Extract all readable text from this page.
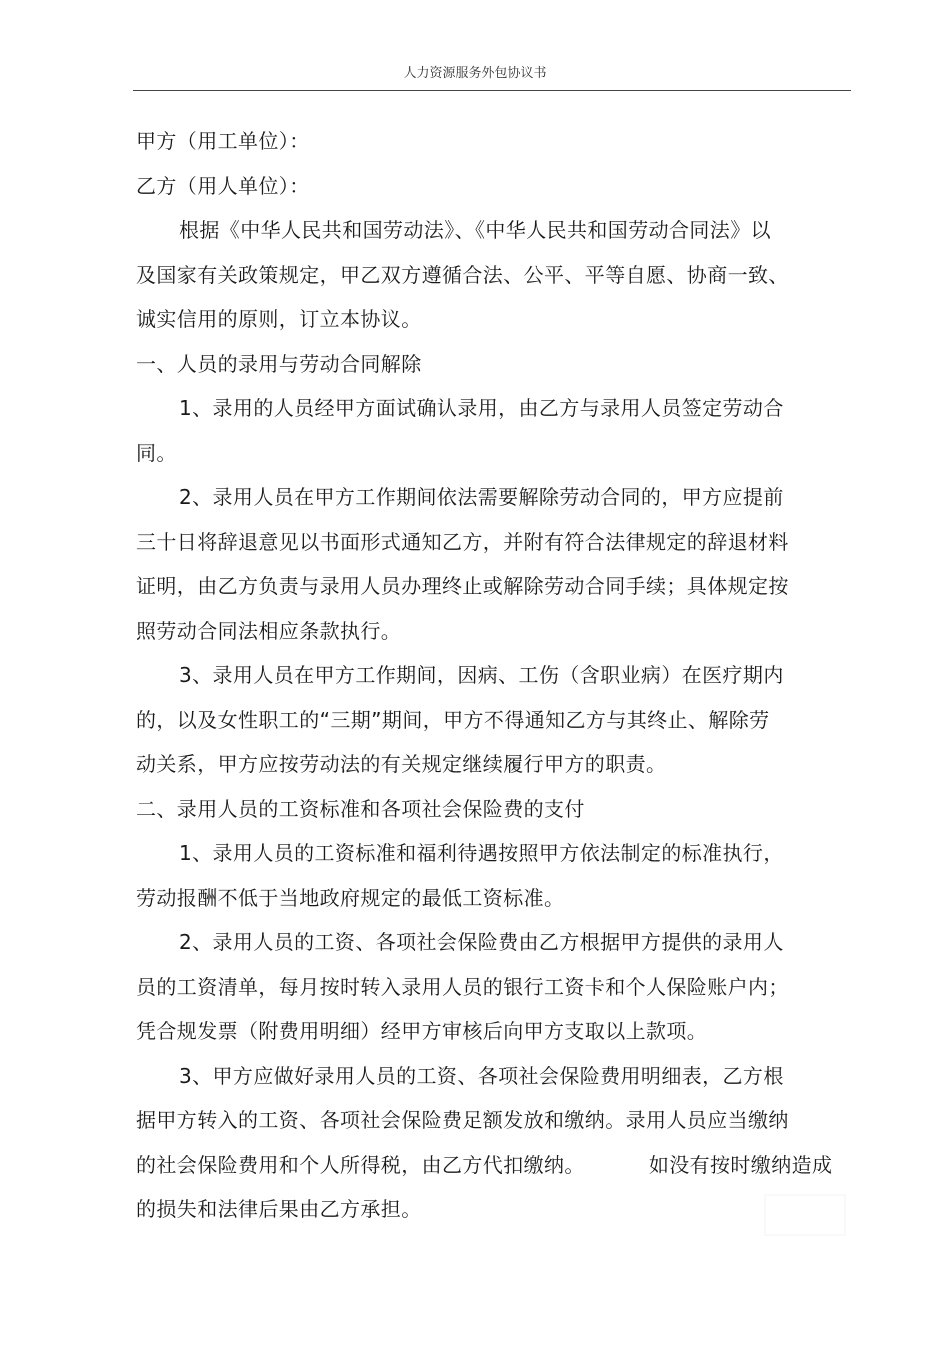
人力资源服务外包协议书
甲方（用工单位）：
乙方（用人单位）：
根据《中华人民共和国劳动法》、《中华人民共和国劳动合同法》以
及国家有关政策规定，甲乙双方遵循合法、公平、平等自愿、协商一致、
诚实信用的原则，订立本协议。
一、人员的录用与劳动合同解除
1、录用的人员经甲方面试确认录用，由乙方与录用人员签定劳动合
同。
2、录用人员在甲方工作期间依法需要解除劳动合同的，甲方应提前
三十日将辞退意见以书面形式通知乙方，并附有符合法律规定的辞退材料
证明，由乙方负责与录用人员办理终止或解除劳动合同手续；具体规定按
照劳动合同法相应条款执行。
3、录用人员在甲方工作期间，因病、工伤（含职业病）在医疗期内
的，以及女性职工的“三期”期间，甲方不得通知乙方与其终止、解除劳
动关系，甲方应按劳动法的有关规定继续履行甲方的职责。
二、录用人员的工资标准和各项社会保险费的支付
1、录用人员的工资标准和福利待遇按照甲方依法制定的标准执行，
劳动报酬不低于当地政府规定的最低工资标准。
2、录用人员的工资、各项社会保险费由乙方根据甲方提供的录用人
员的工资清单，每月按时转入录用人员的银行工资卡和个人保险账户内；
凭合规发票（附费用明细）经甲方审核后向甲方支取以上款项。
3、甲方应做好录用人员的工资、各项社会保险费用明细表，乙方根
据甲方转入的工资、各项社会保险费足额发放和缴纳。录用人员应当缴纳
的社会保险费用和个人所得税，由乙方代扣缴纳。	如没有按时缴纳造成
的损失和法律后果由乙方承担。
